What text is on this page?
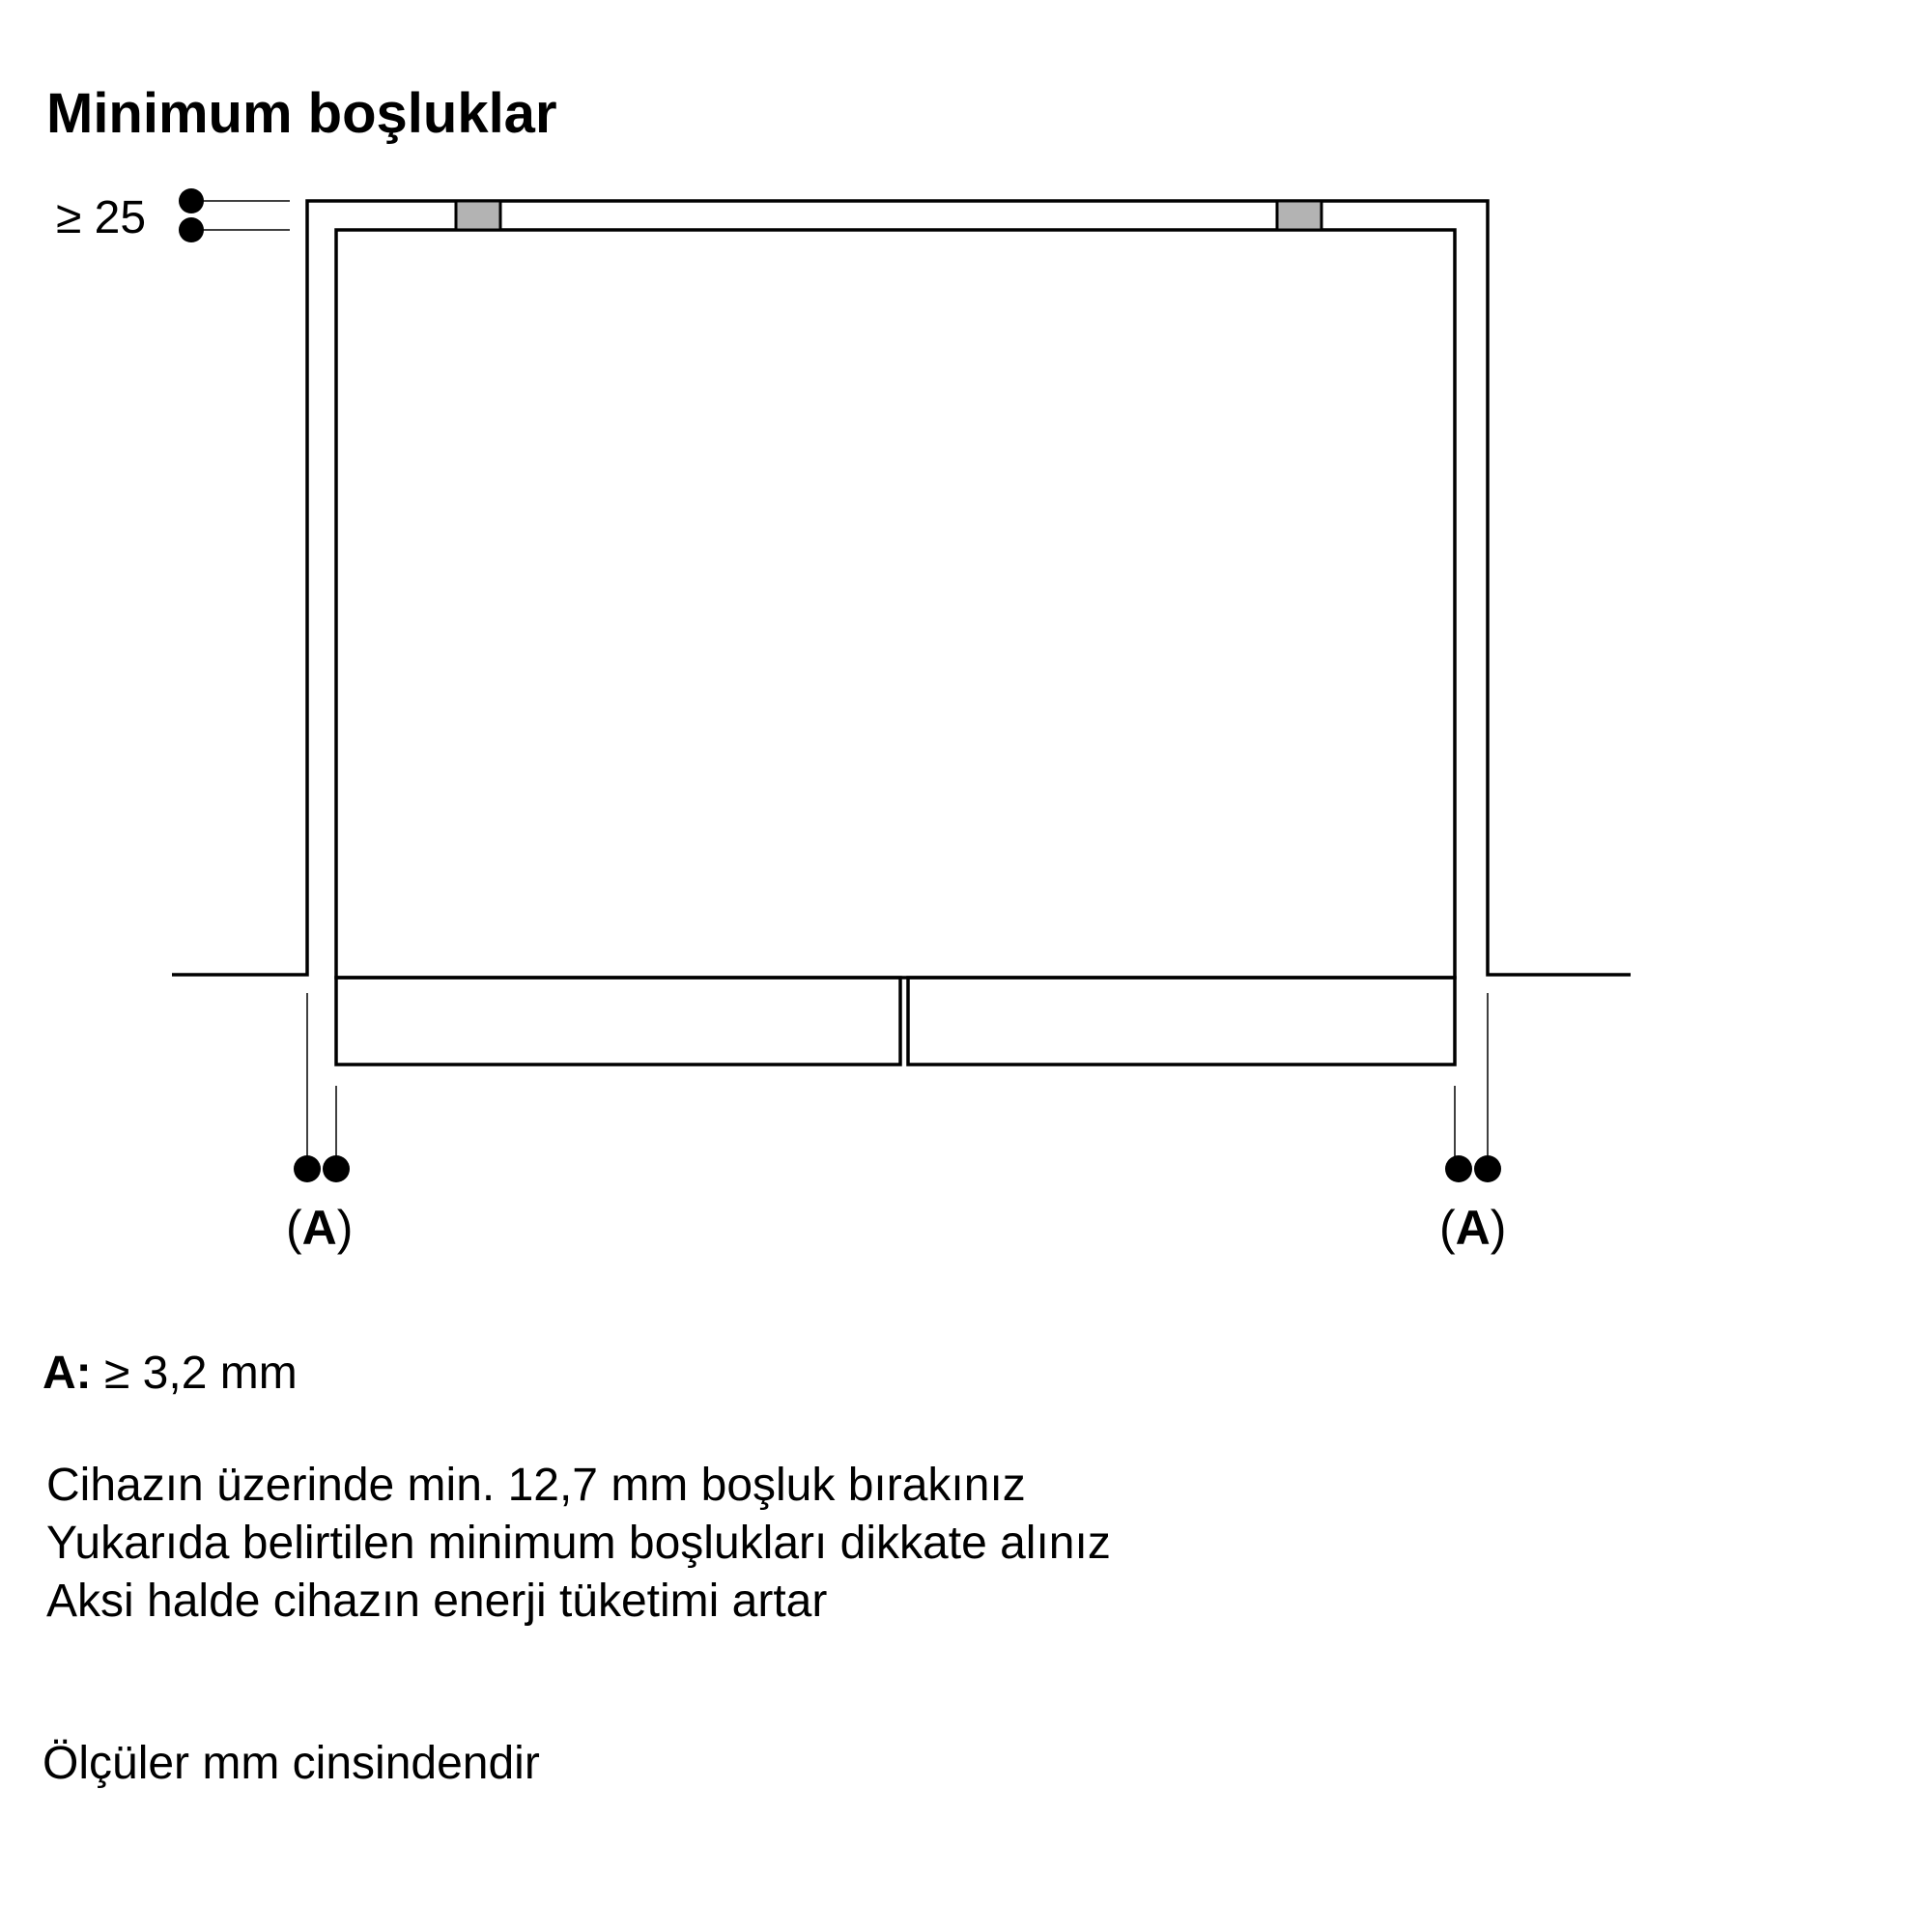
Minimum boşluklar
≥ 25
(A)	(A)
A: ≥ 3,2 mm
Cihazın üzerinde min. 12,7 mm boşluk bırakınız
Yukarıda belirtilen minimum boşlukları dikkate alınız
Aksi halde cihazın enerji tüketimi artar
Ölçüler mm cinsindendir
